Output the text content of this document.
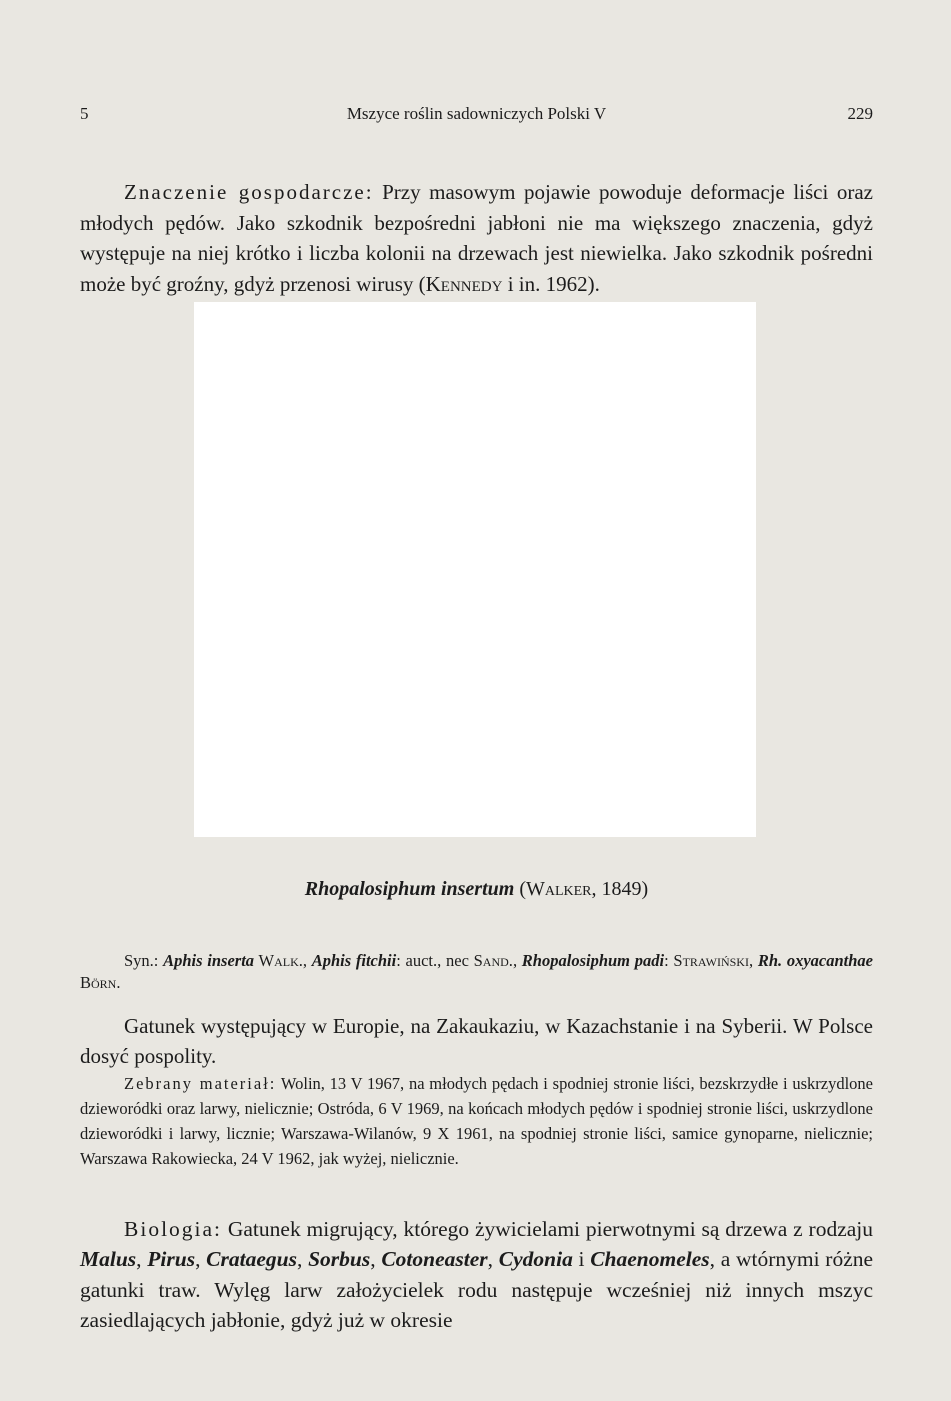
5	Mszyce roślin sadowniczych Polski V	229

Znaczenie gospodarcze: Przy masowym pojawie powoduje deformacje liści oraz młodych pędów. Jako szkodnik bezpośredni jabłoni nie ma większego znaczenia, gdyż występuje na niej krótko i liczba kolonii na drzewach jest niewielka. Jako szkodnik pośredni może być groźny, gdyż przenosi wirusy (Kennedy i in. 1962).

Rhopalosiphum insertum (Walker, 1849)

Syn.: Aphis inserta Walk., Aphis fitchii: auct., nec Sand., Rhopalosiphum padi: Strawiński, Rh. oxyacanthae Börn.

Gatunek występujący w Europie, na Zakaukaziu, w Kazachstanie i na Syberii. W Polsce dosyć pospolity.

Zebrany materiał: Wolin, 13 V 1967, na młodych pędach i spodniej stronie liści, bezskrzydłe i uskrzydlone dzieworódki oraz larwy, nielicznie; Ostróda, 6 V 1969, na końcach młodych pędów i spodniej stronie liści, uskrzydlone dzieworódki i larwy, licznie; Warszawa-Wilanów, 9 X 1961, na spodniej stronie liści, samice gynoparne, nielicznie; Warszawa Rakowiecka, 24 V 1962, jak wyżej, nielicznie.

Biologia: Gatunek migrujący, którego żywicielami pierwotnymi są drzewa z rodzaju Malus, Pirus, Crataegus, Sorbus, Cotoneaster, Cydonia i Chaenomeles, a wtórnymi różne gatunki traw. Wylęg larw założycielek rodu następuje wcześniej niż innych mszyc zasiedlających jabłonie, gdyż już w okresie
